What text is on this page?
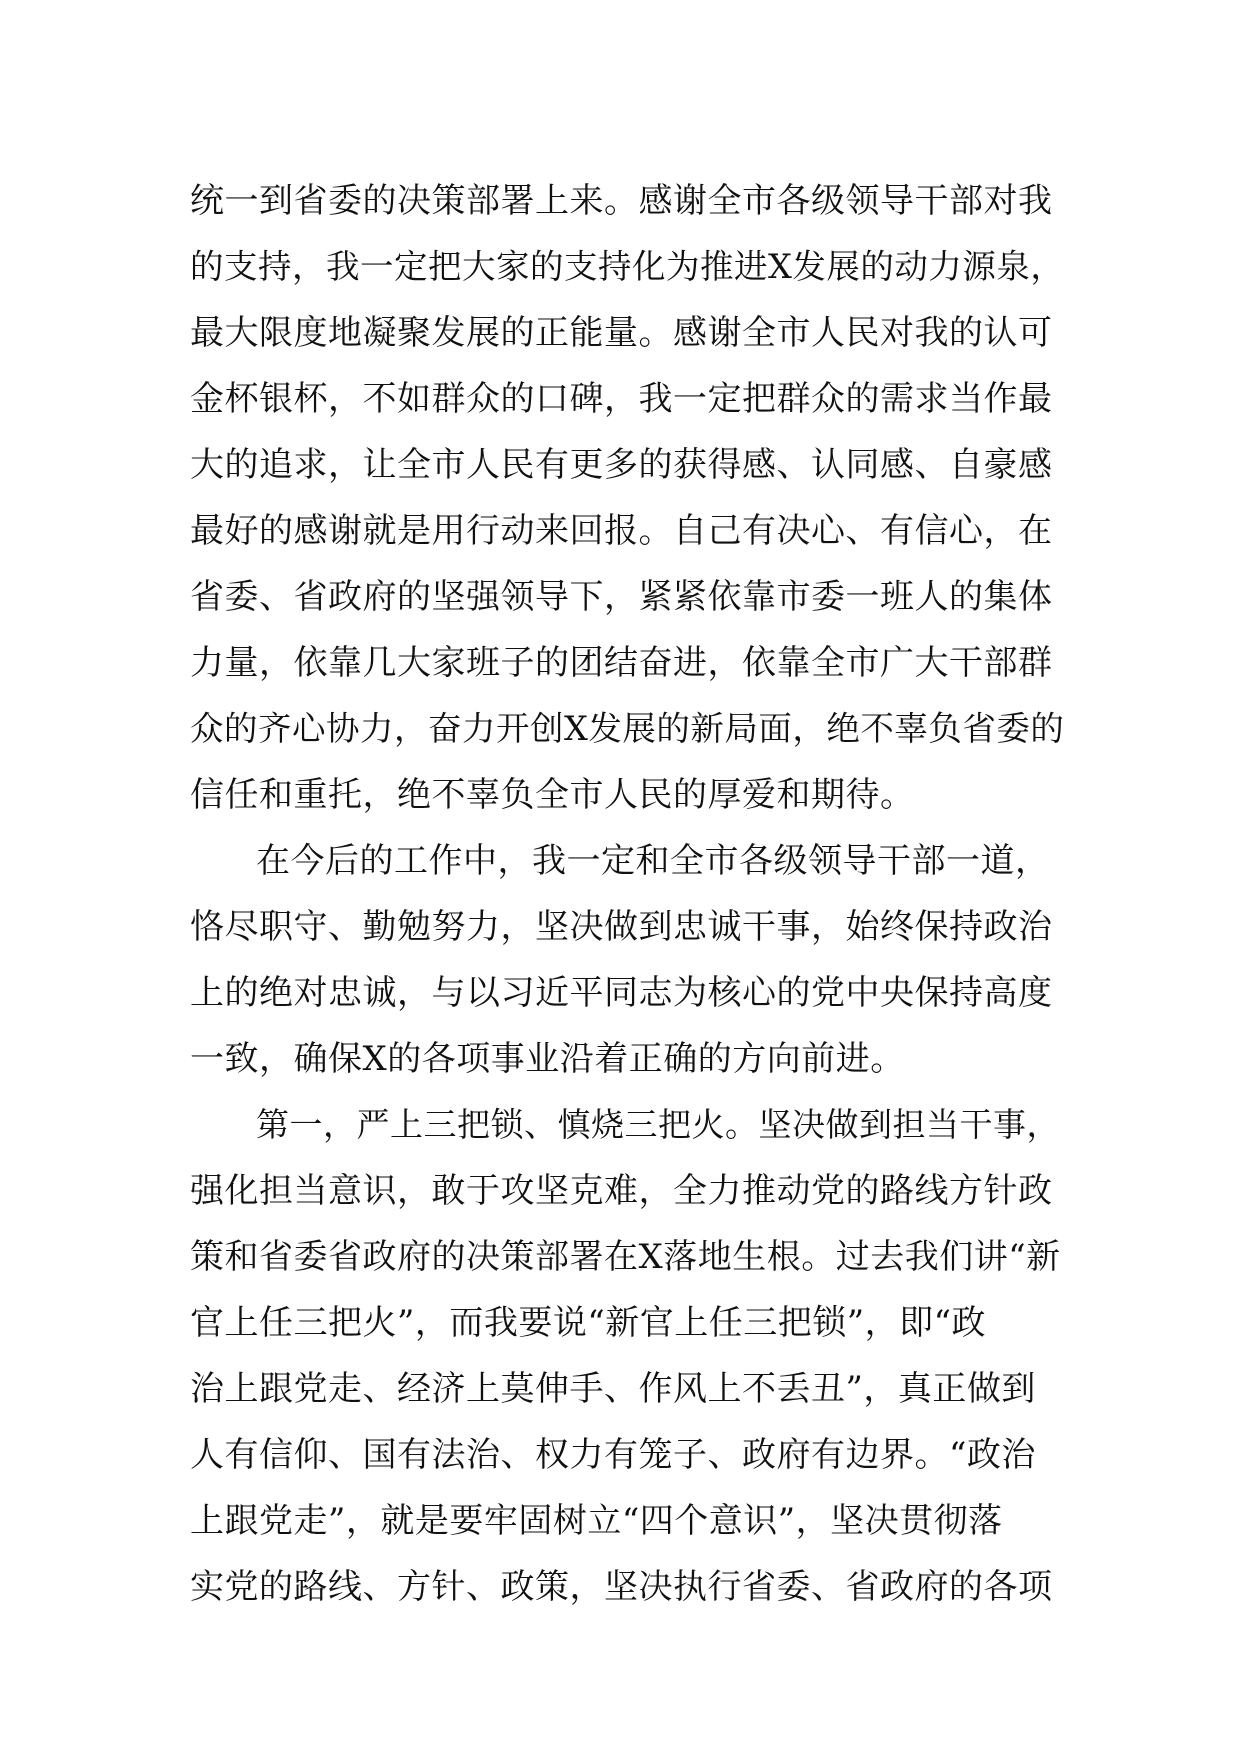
统一到省委的决策部署上来。感谢全市各级领导干部对我
的支持，我一定把大家的支持化为推进X发展的动力源泉，
最大限度地凝聚发展的正能量。感谢全市人民对我的认可
金杯银杯，不如群众的口碑，我一定把群众的需求当作最
大的追求，让全市人民有更多的获得感、认同感、自豪感
最好的感谢就是用行动来回报。自己有决心、有信心，在
省委、省政府的坚强领导下，紧紧依靠市委一班人的集体
力量，依靠几大家班子的团结奋进，依靠全市广大干部群
众的齐心协力，奋力开创X发展的新局面，绝不辜负省委的
信任和重托，绝不辜负全市人民的厚爱和期待。
在今后的工作中，我一定和全市各级领导干部一道，
恪尽职守、勤勉努力，坚决做到忠诚干事，始终保持政治
上的绝对忠诚，与以习近平同志为核心的党中央保持高度
一致，确保X的各项事业沿着正确的方向前进。
第一，严上三把锁、慎烧三把火。坚决做到担当干事，
强化担当意识，敢于攻坚克难，全力推动党的路线方针政
策和省委省政府的决策部署在X落地生根。过去我们讲“新
官上任三把火”，而我要说“新官上任三把锁”，即“政
治上跟党走、经济上莫伸手、作风上不丢丑”，真正做到
人有信仰、国有法治、权力有笼子、政府有边界。“政治
上跟党走”，就是要牢固树立“四个意识”，坚决贯彻落
实党的路线、方针、政策，坚决执行省委、省政府的各项
